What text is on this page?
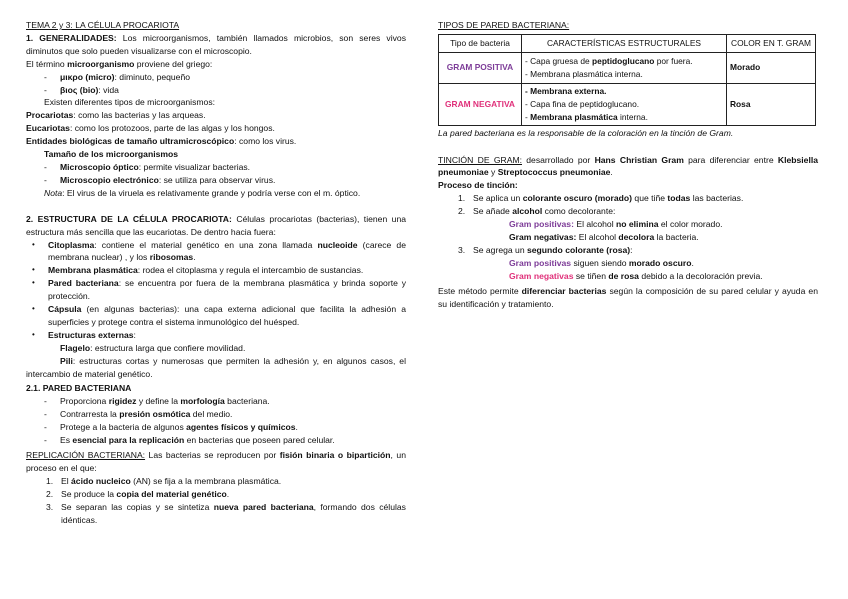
TEMA 2 y 3: LA CÉLULA PROCARIOTA

1. GENERALIDADES: Los microorganismos, también llamados microbios, son seres vivos diminutos que solo pueden visualizarse con el microscopio.

El término microorganismo proviene del griego:

- μικρο (micro): diminuto, pequeño

- βιος (bio): vida

Existen diferentes tipos de microorganismos:

Procariotas: como las bacterias y las arqueas.

Eucariotas: como los protozoos, parte de las algas y los hongos.

Entidades biológicas de tamaño ultramicroscópico: como los virus.

Tamaño de los microorganismos

- Microscopio óptico: permite visualizar bacterias.

- Microscopio electrónico: se utiliza para observar virus.

Nota: El virus de la viruela es relativamente grande y podría verse con el m. óptico.

2. ESTRUCTURA DE LA CÉLULA PROCARIOTA: Células procariotas (bacterias), tienen una estructura más sencilla que las eucariotas. De dentro hacia fuera:

• Citoplasma: contiene el material genético en una zona llamada nucleoide (carece de membrana nuclear) , y los ribosomas.

• Membrana plasmática: rodea el citoplasma y regula el intercambio de sustancias.

• Pared bacteriana: se encuentra por fuera de la membrana plasmática y brinda soporte y protección.

• Cápsula (en algunas bacterias): una capa externa adicional que facilita la adhesión a superficies y protege contra el sistema inmunológico del huésped.

• Estructuras externas:

Flagelo: estructura larga que confiere movilidad.

Pili: estructuras cortas y numerosas que permiten la adhesión y, en algunos casos, el intercambio de material genético.

2.1. PARED BACTERIANA

- Proporciona rigidez y define la morfología bacteriana.

- Contrarresta la presión osmótica del medio.

- Protege a la bacteria de algunos agentes físicos y químicos.

- Es esencial para la replicación en bacterias que poseen pared celular.

REPLICACIÓN BACTERIANA: Las bacterias se reproducen por fisión binaria o bipartición, un proceso en el que:

1. El ácido nucleico (AN) se fija a la membrana plasmática.

2. Se produce la copia del material genético.

3. Se separan las copias y se sintetiza nueva pared bacteriana, formando dos células idénticas.

TIPOS DE PARED BACTERIANA:

Tipo de bacteria	CARACTERÍSTICAS ESTRUCTURALES	COLOR EN T. GRAM
GRAM POSITIVA	- Capa gruesa de peptidoglucano por fuera.
- Membrana plasmática interna.	Morado
GRAM NEGATIVA	- Membrana externa.
- Capa fina de peptidoglucano.
- Membrana plasmática interna.	Rosa

La pared bacteriana es la responsable de la coloración en la tinción de Gram.

TINCIÓN DE GRAM: desarrollado por Hans Christian Gram para diferenciar entre Klebsiella pneumoniae y Streptococcus pneumoniae.

Proceso de tinción:

1. Se aplica un colorante oscuro (morado) que tiñe todas las bacterias.

2. Se añade alcohol como decolorante:

Gram positivas: El alcohol no elimina el color morado.

Gram negativas: El alcohol decolora la bacteria.

3. Se agrega un segundo colorante (rosa):

Gram positivas siguen siendo morado oscuro.

Gram negativas se tiñen de rosa debido a la decoloración previa.

Este método permite diferenciar bacterias según la composición de su pared celular y ayuda en su identificación y tratamiento.
